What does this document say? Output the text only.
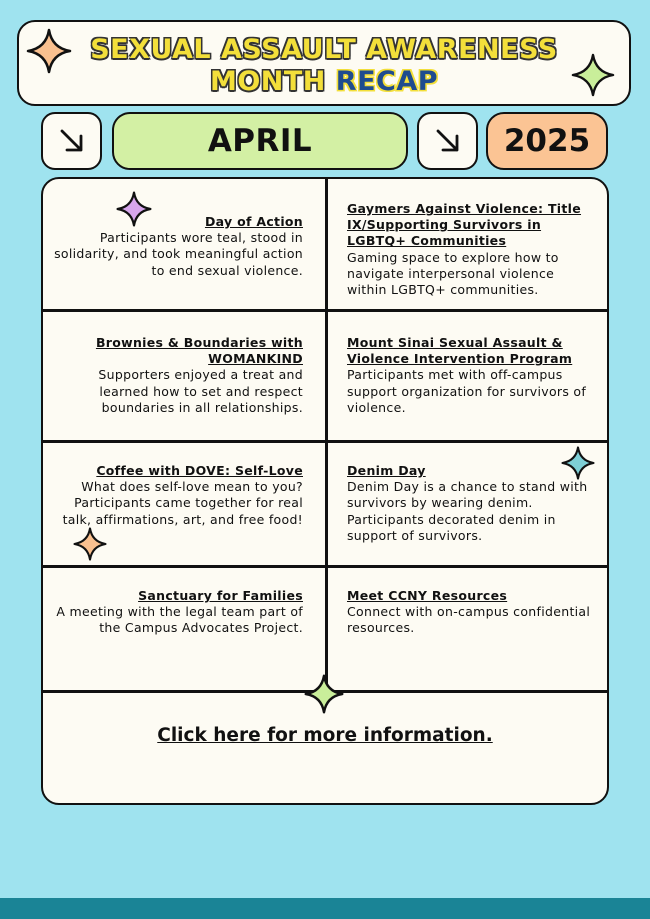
SEXUAL ASSAULT AWARENESS
MONTH RECAP
APRIL	2025
Day of Action
Participants wore teal, stood in solidarity, and took meaningful action to end sexual violence.
Gaymers Against Violence: Title IX/Supporting Survivors in LGBTQ+ Communities
Gaming space to explore how to navigate interpersonal violence within LGBTQ+ communities.
Brownies & Boundaries with WOMANKIND
Supporters enjoyed a treat and learned how to set and respect boundaries in all relationships.
Mount Sinai Sexual Assault & Violence Intervention Program
Participants met with off-campus support organization for survivors of violence.
Coffee with DOVE: Self-Love
What does self-love mean to you? Participants came together for real talk, affirmations, art, and free food!
Denim Day
Denim Day is a chance to stand with survivors by wearing denim. Participants decorated denim in support of survivors.
Sanctuary for Families
A meeting with the legal team part of the Campus Advocates Project.
Meet CCNY Resources
Connect with on-campus confidential resources.
Click here for more information.
